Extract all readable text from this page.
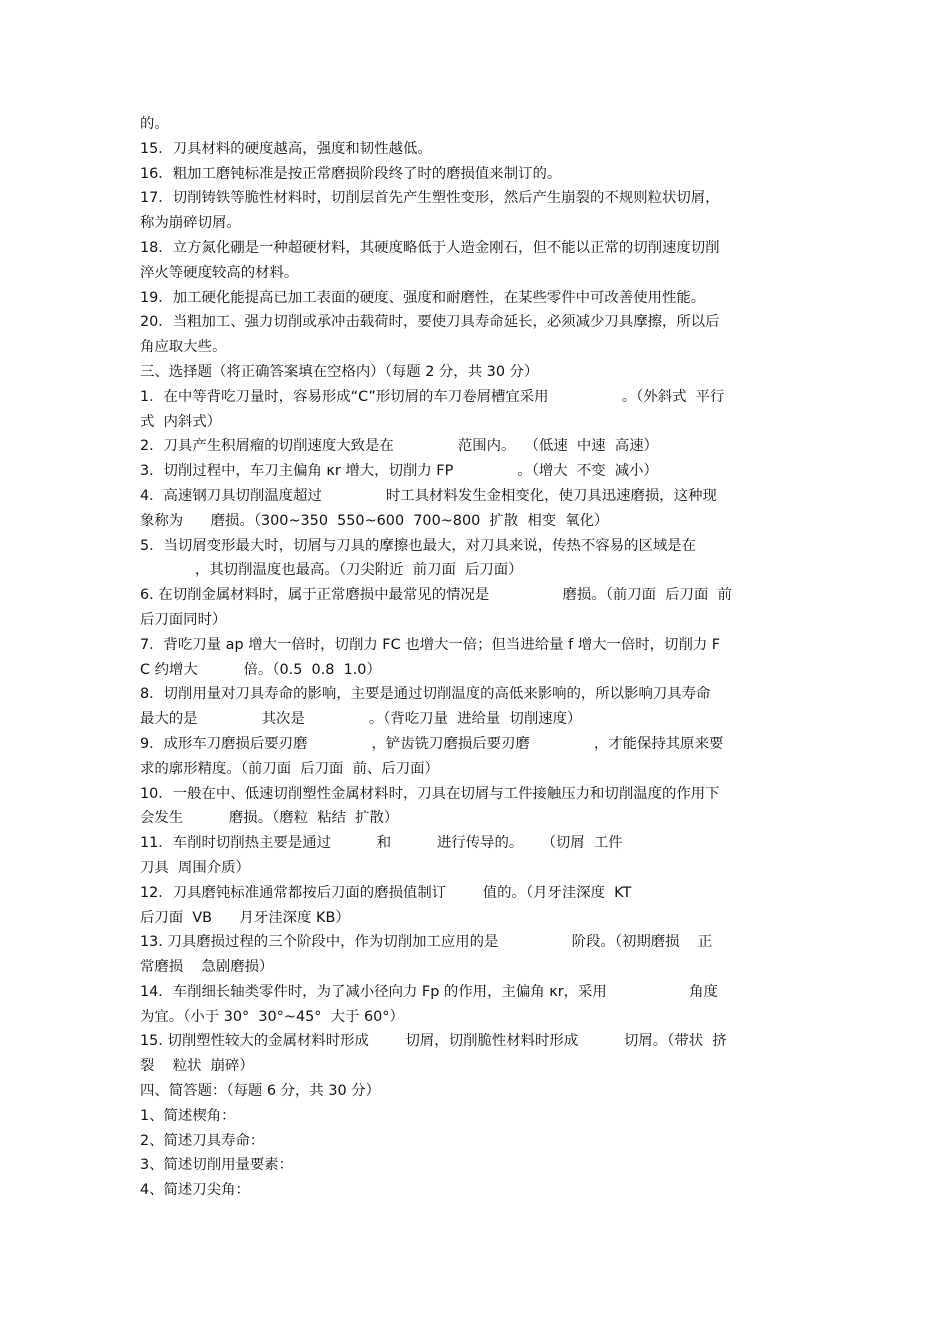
的。
15．刀具材料的硬度越高，强度和韧性越低。
16．粗加工磨钝标准是按正常磨损阶段终了时的磨损值来制订的。
17．切削铸铁等脆性材料时，切削层首先产生塑性变形，然后产生崩裂的不规则粒状切屑，
称为崩碎切屑。
18．立方氮化硼是一种超硬材料，其硬度略低于人造金刚石，但不能以正常的切削速度切削
淬火等硬度较高的材料。
19．加工硬化能提高已加工表面的硬度、强度和耐磨性，在某些零件中可改善使用性能。
20．当粗加工、强力切削或承冲击载荷时，要使刀具寿命延长，必须减少刀具摩擦，所以后
角应取大些。
三、选择题（将正确答案填在空格内）（每题 2 分，共 30 分）
1．在中等背吃刀量时，容易形成“C”形切屑的车刀卷屑槽宜采用                。（外斜式  平行
式  内斜式）
2．刀具产生积屑瘤的切削速度大致是在              范围内。  （低速  中速  高速）
3．切削过程中，车刀主偏角 κr 增大，切削力 FP              。（增大  不变  减小）
4．高速钢刀具切削温度超过              时工具材料发生金相变化，使刀具迅速磨损，这种现
象称为      磨损。（300~350  550~600  700~800  扩散  相变  氧化）
5．当切屑变形最大时，切屑与刀具的摩擦也最大，对刀具来说，传热不容易的区域是在
，其切削温度也最高。（刀尖附近  前刀面  后刀面）
6. 在切削金属材料时，属于正常磨损中最常见的情况是                磨损。（前刀面  后刀面  前
后刀面同时）
7．背吃刀量 ap 增大一倍时，切削力 FC 也增大一倍；但当进给量 f 增大一倍时，切削力 F
C 约增大          倍。（0.5  0.8  1.0）
8．切削用量对刀具寿命的影响，主要是通过切削温度的高低来影响的，所以影响刀具寿命
最大的是              其次是              。（背吃刀量  进给量  切削速度）
9．成形车刀磨损后要刃磨              ，铲齿铣刀磨损后要刃磨              ，才能保持其原来要
求的廓形精度。（前刀面  后刀面  前、后刀面）
10．一般在中、低速切削塑性金属材料时，刀具在切屑与工件接触压力和切削温度的作用下
会发生          磨损。（磨粒  粘结  扩散）
11．车削时切削热主要是通过          和          进行传导的。    （切屑  工件
刀具  周围介质）
12．刀具磨钝标准通常都按后刀面的磨损值制订        值的。（月牙洼深度  KT
后刀面  VB      月牙洼深度 KB）
13. 刀具磨损过程的三个阶段中，作为切削加工应用的是                阶段。（初期磨损    正
常磨损    急剧磨损）
14．车削细长轴类零件时，为了减小径向力 Fp 的作用，主偏角 κr，采用                  角度
为宜。（小于 30°  30°~45°  大于 60°）
15. 切削塑性较大的金属材料时形成        切屑，切削脆性材料时形成          切屑。（带状  挤
裂    粒状  崩碎）
四、简答题：（每题 6 分，共 30 分）
1、简述楔角：
2、简述刀具寿命：
3、简述切削用量要素：
4、简述刀尖角：
